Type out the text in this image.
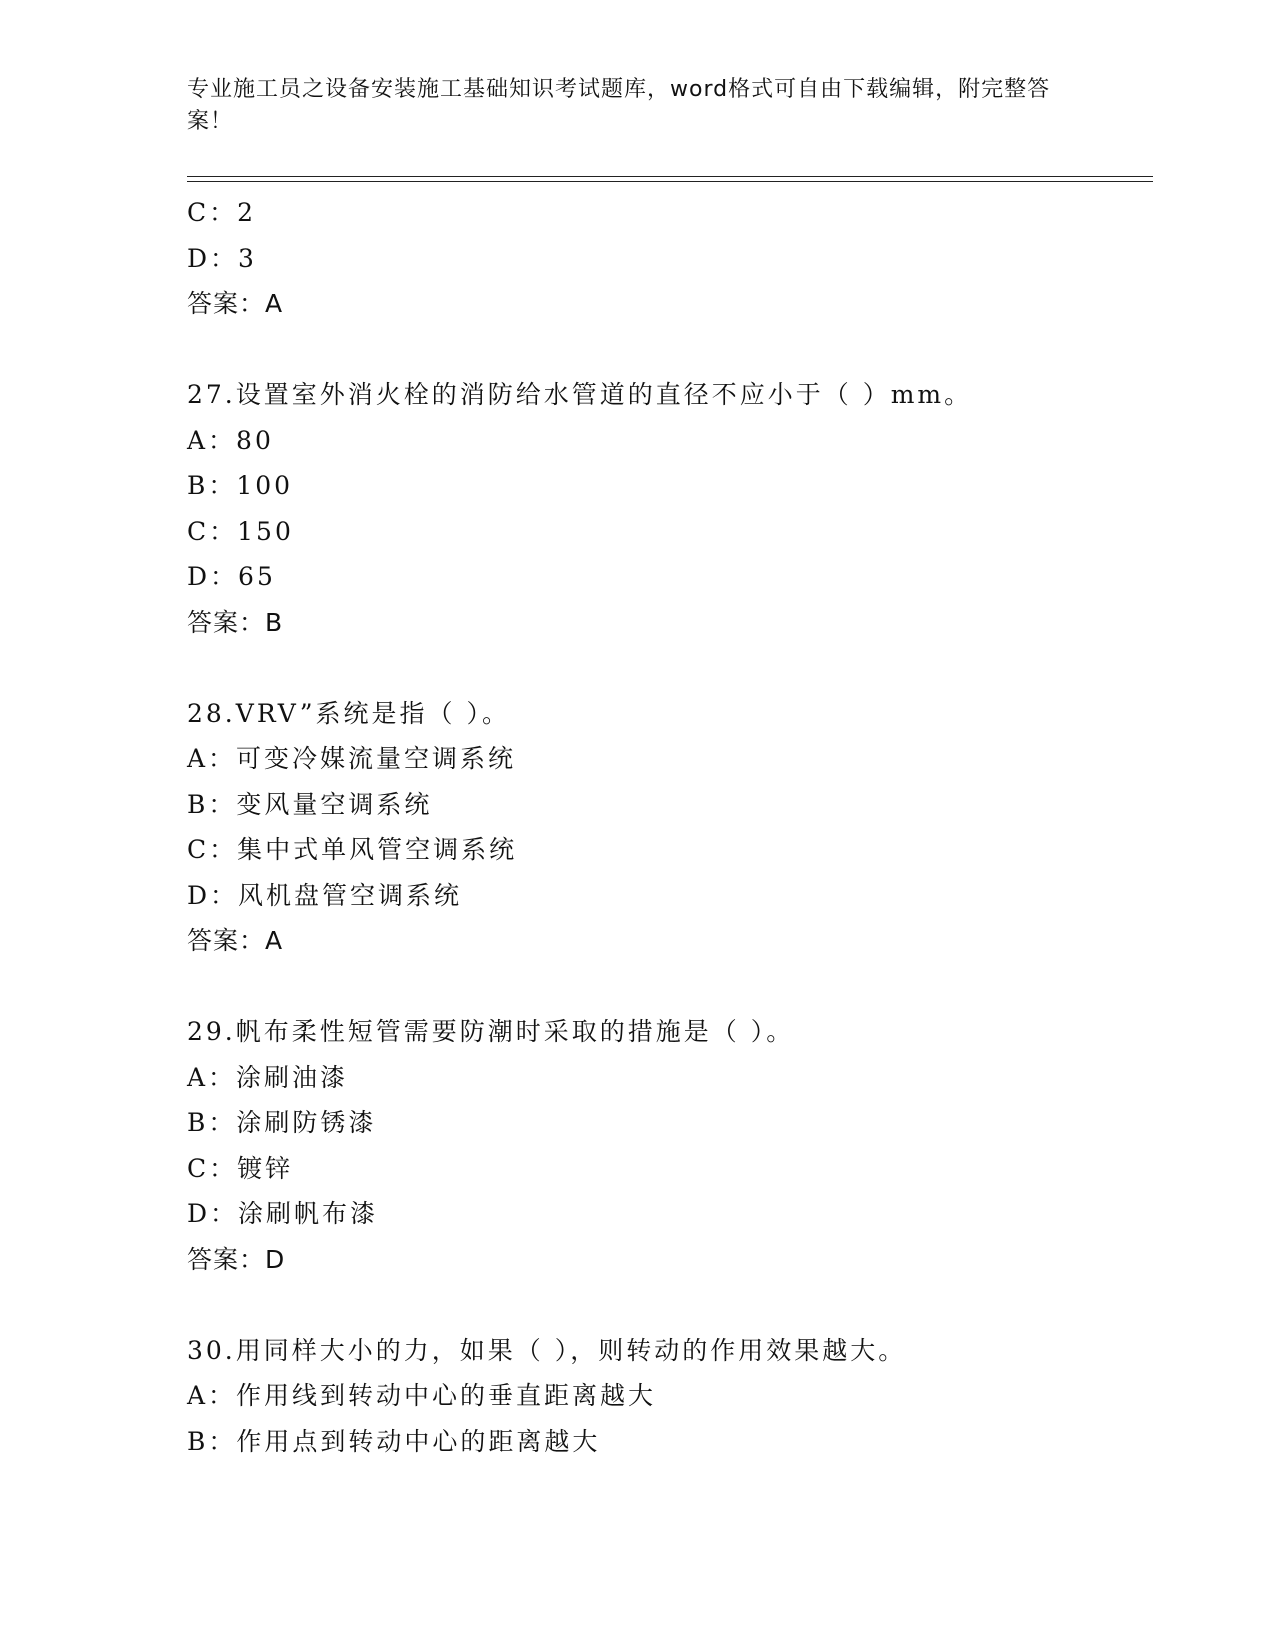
专业施工员之设备安装施工基础知识考试题库，word格式可自由下载编辑，附完整答案！
C：2
D：3
答案：A
27.设置室外消火栓的消防给水管道的直径不应小于（ ）mm。
A：80
B：100
C：150
D：65
答案：B
28.VRV”系统是指（ ）。
A：可变冷媒流量空调系统
B：变风量空调系统
C：集中式单风管空调系统
D：风机盘管空调系统
答案：A
29.帆布柔性短管需要防潮时采取的措施是（ ）。
A：涂刷油漆
B：涂刷防锈漆
C：镀锌
D：涂刷帆布漆
答案：D
30.用同样大小的力，如果（ ），则转动的作用效果越大。
A：作用线到转动中心的垂直距离越大
B：作用点到转动中心的距离越大
